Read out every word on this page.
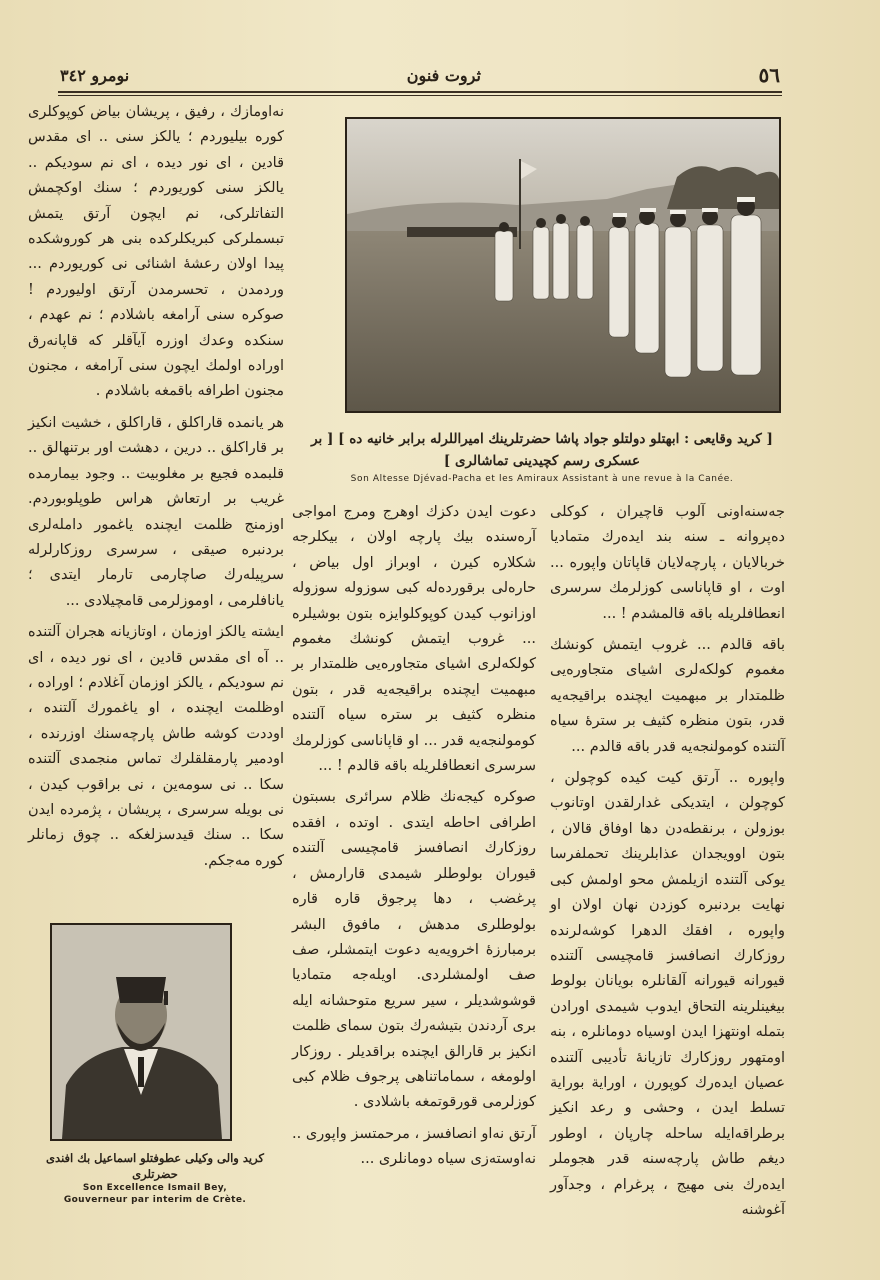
٥٦
ثروت فنون
نومرو ٣٤٢

نه‌اومازك ، رفيق ، پريشان بياض كوپوكلرى كوره بيليوردم ؛ يالكز سنى .. اى مقدس قادين ، اى نور ديده ، اى نم سوديكم .. يالكز سنى كوريوردم ؛ سنك اوكچمش التفاتلركى، نم ايچون آرتق يتمش تبسملركى كبريكلركده بنى هر كوروشكده پيدا اولان رعشهٔ اشنائى نى كوريوردم ... وردمدن ، تحسرمدن آرتق اوليوردم ! صوكره سنى آرامغه باشلادم ؛ نم عهدم ، سنكده وعدك اوزره آيآقلر كه قاپانه‌رق اورادە اولمك ايچون سنى آرامغه ، مجنون مجنون اطرافه باقمغه باشلادم .

هر يانمده قاراكلق ، قاراكلق ، خشيت انكيز بر قاراكلق .. درين ، دهشت اور برتنهالق .. قلبمده فجيع بر مغلوبيت .. وجود بيمارمده غريب بر ارتعاش هراس طوپلوبوردم. اوزمنج ظلمت ايچنده ياغمور دامله‌لرى بردنبره صيقى ، سرسرى روزكارلرله سرپيله‌رك صاچارمى تارمار ايتدى ؛ يانافلرمى ، اوموزلرمى قامچيلادى ...

ايشته يالكز اوزمان ، اوتازيانه هجران آلتنده .. آه اى مقدس قادين ، اى نور ديده ، اى نم سوديكم ، يالكز اوزمان آغلادم ؛ اوراده ، اوظلمت ايچنده ، او ياغمورك آلتنده ، اوددت كوشه طاش پارچه‌سنك اوزرنده ، اودمير پارمقلقلرك تماس منجمدى آلتنده سكا .. نى سومه‌ين ، نى براقوب كيدن ، نى بويله سرسرى ، پريشان ، پژمرده ايدن سكا .. سنك قيدسزلغكه .. چوق زمانلر كوره مه‌جكم.

[ كريد وقايعى : ابهتلو دولتلو جواد پاشا حضرتلرينك اميراللرله برابر خانيه ده ] [ بر عسكرى رسم كچيدينى تماشالرى ]
Son Altesse Djévad-Pacha et les Amiraux Assistant à une revue à la Canée.

جه‌سنه‌اونى آلوب قاچيران ، كوكلى ده‌پروانه ـ سنه بند ايده‌رك متماديا خربالايان ، پارچه‌لايان قاپاتان واپوره ... اوت ، او قاپاناسى كوزلرمك سرسرى انعطافلريله باقه قالمشدم ! ...

باقه قالدم ... غروب ايتمش كونشك مغموم كولكه‌لرى اشياى متجاوره‌يى ظلمتدار بر مبهميت ايچنده براقيجه‌يه قدر، بتون منظره كثيف بر سترهٔ سياه آلتنده كومولنجه‌يه قدر باقه قالدم ...

واپوره .. آرتق كيت كيده كوچولن ، كوچولن ، ايتديكى غدارلقدن اوتانوب بوزولن ، برنقطه‌دن دها اوفاق قالان ، بتون اوويجدان عذابلرينك تحملفرسا يوكى آلتنده ازيلمش محو اولمش كبى نهايت بردنبره كوزدن نهان اولان او واپوره ، افقك الدهرا كوشه‌لرنده روزكارك انصافسز قامچيسى آلتنده قيورانه قيورانه آلقانلره بويانان بولوط بيغينلرينه التحاق ايدوب شيمدى اورادن بتمله اونتهزا ايدن اوسياه دومانلره ، بنه اومتهور روزكارك تازيانهٔ تأديبى آلتنده عصيان ايده‌رك كوپورن ، اوراية بوراية تسلط ايدن ، وحشى و رعد انكيز برطراقه‌ايله ساحله چارپان ، اوطور ديغم طاش پارچه‌سنه قدر هجوملر ايده‌رك بنى مهيج ، پرغرام ، وجدآور آغوشنه

دعوت ايدن دكزك اوهرج ومرج امواجى آره‌سنده بيك پارچه اولان ، بيكلرجه شكلاره كيرن ، اوبراز اول بياض ، حاره‌لى برقوردەله كبى سوزوله سوزوله اوزانوب كيدن كوپوكلوايزه بتون بوشيلره ... غروب ايتمش كونشك مغموم كولكه‌لرى اشياى متجاوره‌يى ظلمتدار بر مبهميت ايچنده براقيجه‌يه قدر ، بتون منظره كثيف بر ستره سياه آلتنده كومولنجه‌يه قدر ... او قاپاناسى كوزلرمك سرسرى انعطافلريله باقه قالدم ! ...

صوكره كيجه‌نك ظلام سرائرى بسبتون اطرافى احاطه ايتدى . اوتده ، افقده روزكارك انصافسز قامچيسى آلتنده قيوران بولوطلر شيمدى قارارمش ، پرغضب ، دها پرجوق قاره قاره بولوطلرى مدهش ، مافوق البشر برمبارزهٔ اخرويه‌يه دعوت ايتمشلر، صف صف اولمشلردى. اويله‌جه متماديا قوشوشديلر ، سير سريع متوحشانه ايله برى آردندن بتيشه‌رك بتون سماى ظلمت انكيز بر قارالق ايچنده براقديلر . روزكار اولومغه ، سماماتناهى پرجوف ظلام كبى كوزلرمى قورقوتمغه باشلادى .

آرتق نه‌او انصافسز ، مرحمتسز واپورى .. نه‌اوسته‌زى سياه دومانلرى ...

كريد والى وكيلى عطوفتلو اسماعيل بك افندى حضرتلرى
Son Excellence Ismail Bey,
Gouverneur par interim de Crète.
